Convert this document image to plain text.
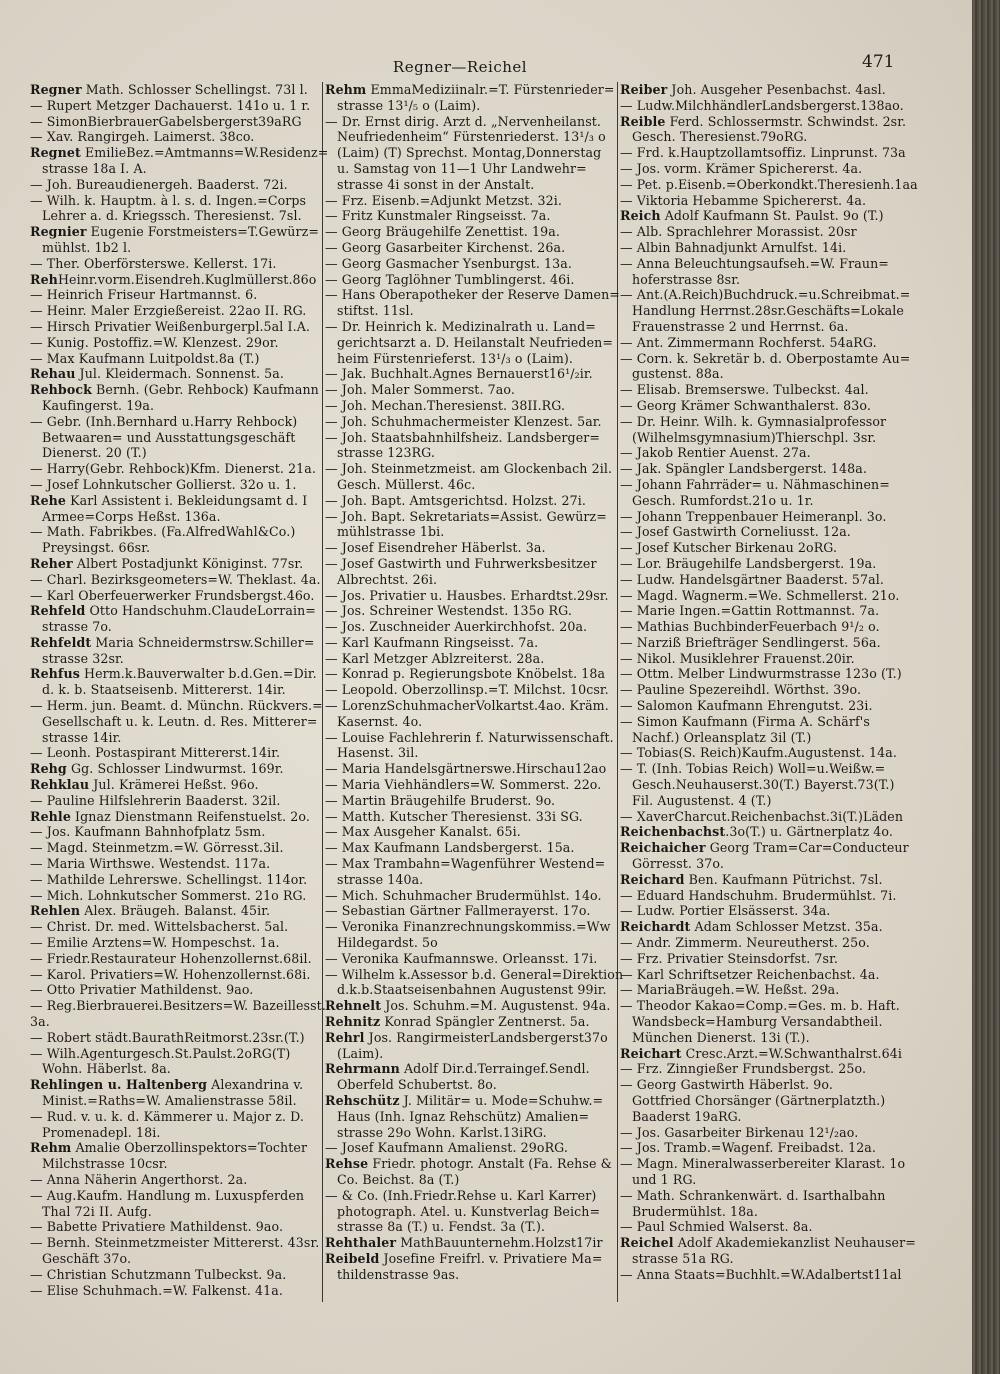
Regner—Reichel	471
Regner Math. Schlosser Schellingst. 73l l.
— Rupert Metzger Dachauerst. 141o u. 1 r.
— SimonBierbrauerGabelsbergerst39aRG
— Xav. Rangirgeh. Laimerst. 38co.
Regnet EmilieBez.=Amtmanns=W.Residenz=
strasse 18a I. A.
— Joh. Bureaudienergeh. Baaderst. 72i.
— Wilh. k. Hauptm. à l. s. d. Ingen.=Corps
Lehrer a. d. Kriegssch. Theresienst. 7sl.
Regnier Eugenie Forstmeisters=T.Gewürz=
mühlst. 1b2 l.
— Ther. Oberförsterswe. Kellerst. 17i.
RehHeinr.vorm.Eisendreh.Kuglmüllerst.86o
— Heinrich Friseur Hartmannst. 6.
— Heinr. Maler Erzgießereist. 22ao II. RG.
— Hirsch Privatier Weißenburgerpl.5al I.A.
— Kunig. Postoffiz.=W. Klenzest. 29or.
— Max Kaufmann Luitpoldst.8a (T.)
Rehau Jul. Kleidermach. Sonnenst. 5a.
Rehbock Bernh. (Gebr. Rehbock) Kaufmann
Kaufingerst. 19a.
— Gebr. (Inh.Bernhard u.Harry Rehbock)
Betwaaren= und Ausstattungsgeschäft
Dienerst. 20 (T.)
— Harry(Gebr. Rehbock)Kfm. Dienerst. 21a.
— Josef Lohnkutscher Gollierst. 32o u. 1.
Rehe Karl Assistent i. Bekleidungsamt d. I
Armee=Corps Heßst. 136a.
— Math. Fabrikbes. (Fa.AlfredWahl&Co.)
Preysingst. 66sr.
Reher Albert Postadjunkt Königinst. 77sr.
— Charl. Bezirksgeometers=W. Theklast. 4a.
— Karl Oberfeuerwerker Frundsbergst.46o.
Rehfeld Otto Handschuhm.ClaudeLorrain=
strasse 7o.
Rehfeldt Maria Schneidermstrsw.Schiller=
strasse 32sr.
Rehfus Herm.k.Bauverwalter b.d.Gen.=Dir.
d. k. b. Staatseisenb. Mittererst. 14ir.
— Herm. jun. Beamt. d. Münchn. Rückvers.=
Gesellschaft u. k. Leutn. d. Res. Mitterer=
strasse 14ir.
— Leonh. Postaspirant Mittererst.14ir.
Rehg Gg. Schlosser Lindwurmst. 169r.
Rehklau Jul. Krämerei Heßst. 96o.
— Pauline Hilfslehrerin Baaderst. 32il.
Rehle Ignaz Dienstmann Reifenstuelst. 2o.
— Jos. Kaufmann Bahnhofplatz 5sm.
— Magd. Steinmetzm.=W. Görresst.3il.
— Maria Wirthswe. Westendst. 117a.
— Mathilde Lehrerswe. Schellingst. 114or.
— Mich. Lohnkutscher Sommerst. 21o RG.
Rehlen Alex. Bräugeh. Balanst. 45ir.
— Christ. Dr. med. Wittelsbacherst. 5al.
— Emilie Arztens=W. Hompeschst. 1a.
— Friedr.Restaurateur Hohenzollernst.68il.
— Karol. Privatiers=W. Hohenzollernst.68i.
— Otto Privatier Mathildenst. 9ao.
— Reg.Bierbrauerei.Besitzers=W. Bazeillesst. 3a.
— Robert städt.BaurathReitmorst.23sr.(T.)
— Wilh.Agenturgesch.St.Paulst.2oRG(T)
Wohn. Häberlst. 8a.
Rehlingen u. Haltenberg Alexandrina v.
Minist.=Raths=W. Amalienstrasse 58il.
— Rud. v. u. k. d. Kämmerer u. Major z. D.
Promenadepl. 18i.
Rehm Amalie Oberzollinspektors=Tochter
Milchstrasse 10csr.
— Anna Näherin Angerthorst. 2a.
— Aug.Kaufm. Handlung m. Luxuspferden
Thal 72i II. Aufg.
— Babette Privatiere Mathildenst. 9ao.
— Bernh. Steinmetzmeister Mittererst. 43sr.
Geschäft 37o.
— Christian Schutzmann Tulbeckst. 9a.
— Elise Schuhmach.=W. Falkenst. 41a.
Rehm EmmaMediziinalr.=T. Fürstenrieder=
strasse 13¹/₅ o (Laim).
— Dr. Ernst dirig. Arzt d. „Nervenheilanst.
Neufriedenheim“ Fürstenriederst. 13¹/₃ o
(Laim) (T) Sprechst. Montag,Donnerstag
u. Samstag von 11—1 Uhr Landwehr=
strasse 4i sonst in der Anstalt.
— Frz. Eisenb.=Adjunkt Metzst. 32i.
— Fritz Kunstmaler Ringseisst. 7a.
— Georg Bräugehilfe Zenettist. 19a.
— Georg Gasarbeiter Kirchenst. 26a.
— Georg Gasmacher Ysenburgst. 13a.
— Georg Taglöhner Tumblingerst. 46i.
— Hans Oberapotheker der Reserve Damen=
stiftst. 11sl.
— Dr. Heinrich k. Medizinalrath u. Land=
gerichtsarzt a. D. Heilanstalt Neufrieden=
heim Fürstenrieferst. 13¹/₃ o (Laim).
— Jak. Buchhalt.Agnes Bernauerst16¹/₂ir.
— Joh. Maler Sommerst. 7ao.
— Joh. Mechan.Theresienst. 38II.RG.
— Joh. Schuhmachermeister Klenzest. 5ar.
— Joh. Staatsbahnhilfsheiz. Landsberger=
strasse 123RG.
— Joh. Steinmetzmeist. am Glockenbach 2il.
Gesch. Müllerst. 46c.
— Joh. Bapt. Amtsgerichtsd. Holzst. 27i.
— Joh. Bapt. Sekretariats=Assist. Gewürz=
mühlstrasse 1bi.
— Josef Eisendreher Häberlst. 3a.
— Josef Gastwirth und Fuhrwerksbesitzer
Albrechtst. 26i.
— Jos. Privatier u. Hausbes. Erhardtst.29sr.
— Jos. Schreiner Westendst. 135o RG.
— Jos. Zuschneider Auerkirchhofst. 20a.
— Karl Kaufmann Ringseisst. 7a.
— Karl Metzger Ablzreiterst. 28a.
— Konrad p. Regierungsbote Knöbelst. 18a
— Leopold. Oberzollinsp.=T. Milchst. 10csr.
— LorenzSchuhmacherVolkartst.4ao. Kräm.
Kasernst. 4o.
— Louise Fachlehrerin f. Naturwissenschaft.
Hasenst. 3il.
— Maria Handelsgärtnerswe.Hirschau12ao
— Maria Viehhändlers=W. Sommerst. 22o.
— Martin Bräugehilfe Bruderst. 9o.
— Matth. Kutscher Theresienst. 33i SG.
— Max Ausgeher Kanalst. 65i.
— Max Kaufmann Landsbergerst. 15a.
— Max Trambahn=Wagenführer Westend=
strasse 140a.
— Mich. Schuhmacher Brudermühlst. 14o.
— Sebastian Gärtner Fallmerayerst. 17o.
— Veronika Finanzrechnungskommiss.=Ww
Hildegardst. 5o
— Veronika Kaufmannswe. Orleansst. 17i.
— Wilhelm k.Assessor b.d. General=Direktion
d.k.b.Staatseisenbahnen Augustenst 99ir.
Rehnelt Jos. Schuhm.=M. Augustenst. 94a.
Rehnitz Konrad Spängler Zentnerst. 5a.
Rehrl Jos. RangirmeisterLandsbergerst37o
(Laim).
Rehrmann Adolf Dir.d.Terraingef.Sendl.
Oberfeld Schubertst. 8o.
Rehschütz J. Militär= u. Mode=Schuhw.=
Haus (Inh. Ignaz Rehschütz) Amalien=
strasse 29o Wohn. Karlst.13iRG.
— Josef Kaufmann Amalienst. 29oRG.
Rehse Friedr. photogr. Anstalt (Fa. Rehse &
Co. Beichst. 8a (T.)
— & Co. (Inh.Friedr.Rehse u. Karl Karrer)
photograph. Atel. u. Kunstverlag Beich=
strasse 8a (T.) u. Fendst. 3a (T.).
Rehthaler MathBauunternehm.Holzst17ir
Reibeld Josefine Freifrl. v. Privatiere Ma=
thildenstrasse 9as.
Reiber Joh. Ausgeher Pesenbachst. 4asl.
— Ludw.MilchhändlerLandsbergerst.138ao.
Reible Ferd. Schlossermstr. Schwindst. 2sr.
Gesch. Theresienst.79oRG.
— Frd. k.Hauptzollamtsoffiz. Linprunst. 73a
— Jos. vorm. Krämer Spichererst. 4a.
— Pet. p.Eisenb.=Oberkondkt.Theresienh.1aa
— Viktoria Hebamme Spichererst. 4a.
Reich Adolf Kaufmann St. Paulst. 9o (T.)
— Alb. Sprachlehrer Morassist. 20sr
— Albin Bahnadjunkt Arnulfst. 14i.
— Anna Beleuchtungsaufseh.=W. Fraun=
hoferstrasse 8sr.
— Ant.(A.Reich)Buchdruck.=u.Schreibmat.=
Handlung Herrnst.28sr.Geschäfts=Lokale
Frauenstrasse 2 und Herrnst. 6a.
— Ant. Zimmermann Rochferst. 54aRG.
— Corn. k. Sekretär b. d. Oberpostamte Au=
gustenst. 88a.
— Elisab. Bremserswe. Tulbeckst. 4al.
— Georg Krämer Schwanthalerst. 83o.
— Dr. Heinr. Wilh. k. Gymnasialprofessor
(Wilhelmsgymnasium)Thierschpl. 3sr.
— Jakob Rentier Auenst. 27a.
— Jak. Spängler Landsbergerst. 148a.
— Johann Fahrräder= u. Nähmaschinen=
Gesch. Rumfordst.21o u. 1r.
— Johann Treppenbauer Heimeranpl. 3o.
— Josef Gastwirth Corneliusst. 12a.
— Josef Kutscher Birkenau 2oRG.
— Lor. Bräugehilfe Landsbergerst. 19a.
— Ludw. Handelsgärtner Baaderst. 57al.
— Magd. Wagnerm.=We. Schmellerst. 21o.
— Marie Ingen.=Gattin Rottmannst. 7a.
— Mathias BuchbinderFeuerbach 9¹/₂ o.
— Narziß Briefträger Sendlingerst. 56a.
— Nikol. Musiklehrer Frauenst.20ir.
— Ottm. Melber Lindwurmstrasse 123o (T.)
— Pauline Spezereihdl. Wörthst. 39o.
— Salomon Kaufmann Ehrengutst. 23i.
— Simon Kaufmann (Firma A. Schärf's
Nachf.) Orleansplatz 3il (T.)
— Tobias(S. Reich)Kaufm.Augustenst. 14a.
— T. (Inh. Tobias Reich) Woll=u.Weißw.=
Gesch.Neuhauserst.30(T.) Bayerst.73(T.)
Fil. Augustenst. 4 (T.)
— XaverCharcut.Reichenbachst.3i(T.)Läden
Reichenbachst.3o(T.) u. Gärtnerplatz 4o.
Reichaicher Georg Tram=Car=Conducteur
Görresst. 37o.
Reichard Ben. Kaufmann Pütrichst. 7sl.
— Eduard Handschuhm. Brudermühlst. 7i.
— Ludw. Portier Elsässerst. 34a.
Reichardt Adam Schlosser Metzst. 35a.
— Andr. Zimmerm. Neureutherst. 25o.
— Frz. Privatier Steinsdorfst. 7sr.
— Karl Schriftsetzer Reichenbachst. 4a.
— MariaBräugeh.=W. Heßst. 29a.
— Theodor Kakao=Comp.=Ges. m. b. Haft.
Wandsbeck=Hamburg Versandabtheil.
München Dienerst. 13i (T.).
Reichart Cresc.Arzt.=W.Schwanthalrst.64i
— Frz. Zinngießer Frundsbergst. 25o.
— Georg Gastwirth Häberlst. 9o.
Gottfried Chorsänger (Gärtnerplatzth.)
Baaderst 19aRG.
— Jos. Gasarbeiter Birkenau 12¹/₂ao.
— Jos. Tramb.=Wagenf. Freibadst. 12a.
— Magn. Mineralwasserbereiter Klarast. 1o
und 1 RG.
— Math. Schrankenwärt. d. Isarthalbahn
Brudermühlst. 18a.
— Paul Schmied Walserst. 8a.
Reichel Adolf Akademiekanzlist Neuhauser=
strasse 51a RG.
— Anna Staats=Buchhlt.=W.Adalbertst11al
